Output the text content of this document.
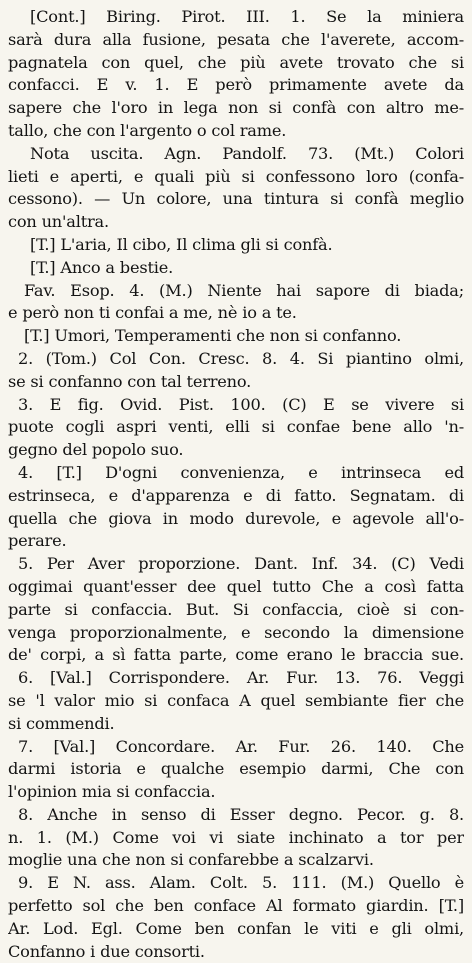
[Cont.] Biring. Pirot. III. 1. Se la miniera
sarà dura alla fusione, pesata che l'averete, accom-
pagnatela con quel, che più avete trovato che si
confacci. E v. 1. E però primamente avete da
sapere che l'oro in lega non si confà con altro me-
tallo, che con l'argento o col rame.
Nota uscita. Agn. Pandolf. 73. (Mt.) Colori
lieti e aperti, e quali più si confessono loro (confa-
cessono). — Un colore, una tintura si confà meglio
con un'altra.
[T.] L'aria, Il cibo, Il clima gli si confà.
[T.] Anco a bestie.
Fav. Esop. 4. (M.) Niente hai sapore di biada;
e però non ti confai a me, nè io a te.
[T.] Umori, Temperamenti che non si confanno.
2. (Tom.) Col Con. Cresc. 8. 4. Si piantino olmi,
se si confanno con tal terreno.
3. E fig. Ovid. Pist. 100. (C) E se vivere si
puote cogli aspri venti, elli si confae bene allo 'n-
gegno del popolo suo.
4. [T.] D'ogni convenienza, e intrinseca ed
estrinseca, e d'apparenza e di fatto. Segnatam. di
quella che giova in modo durevole, e agevole all'o-
perare.
5. Per Aver proporzione. Dant. Inf. 34. (C) Vedi
oggimai quant'esser dee quel tutto Che a così fatta
parte si confaccia. But. Si confaccia, cioè si con-
venga proporzionalmente, e secondo la dimensione
de' corpi, a sì fatta parte, come erano le braccia sue.
6. [Val.] Corrispondere. Ar. Fur. 13. 76. Veggi
se 'l valor mio si confaca A quel sembiante fier che
si commendi.
7. [Val.] Concordare. Ar. Fur. 26. 140. Che
darmi istoria e qualche esempio darmi, Che con
l'opinion mia si confaccia.
8. Anche in senso di Esser degno. Pecor. g. 8.
n. 1. (M.) Come voi vi siate inchinato a tor per
moglie una che non si confarebbe a scalzarvi.
9. E N. ass. Alam. Colt. 5. 111. (M.) Quello è
perfetto sol che ben conface Al formato giardin. [T.]
Ar. Lod. Egl. Come ben confan le viti e gli olmi,
Confanno i due consorti.
